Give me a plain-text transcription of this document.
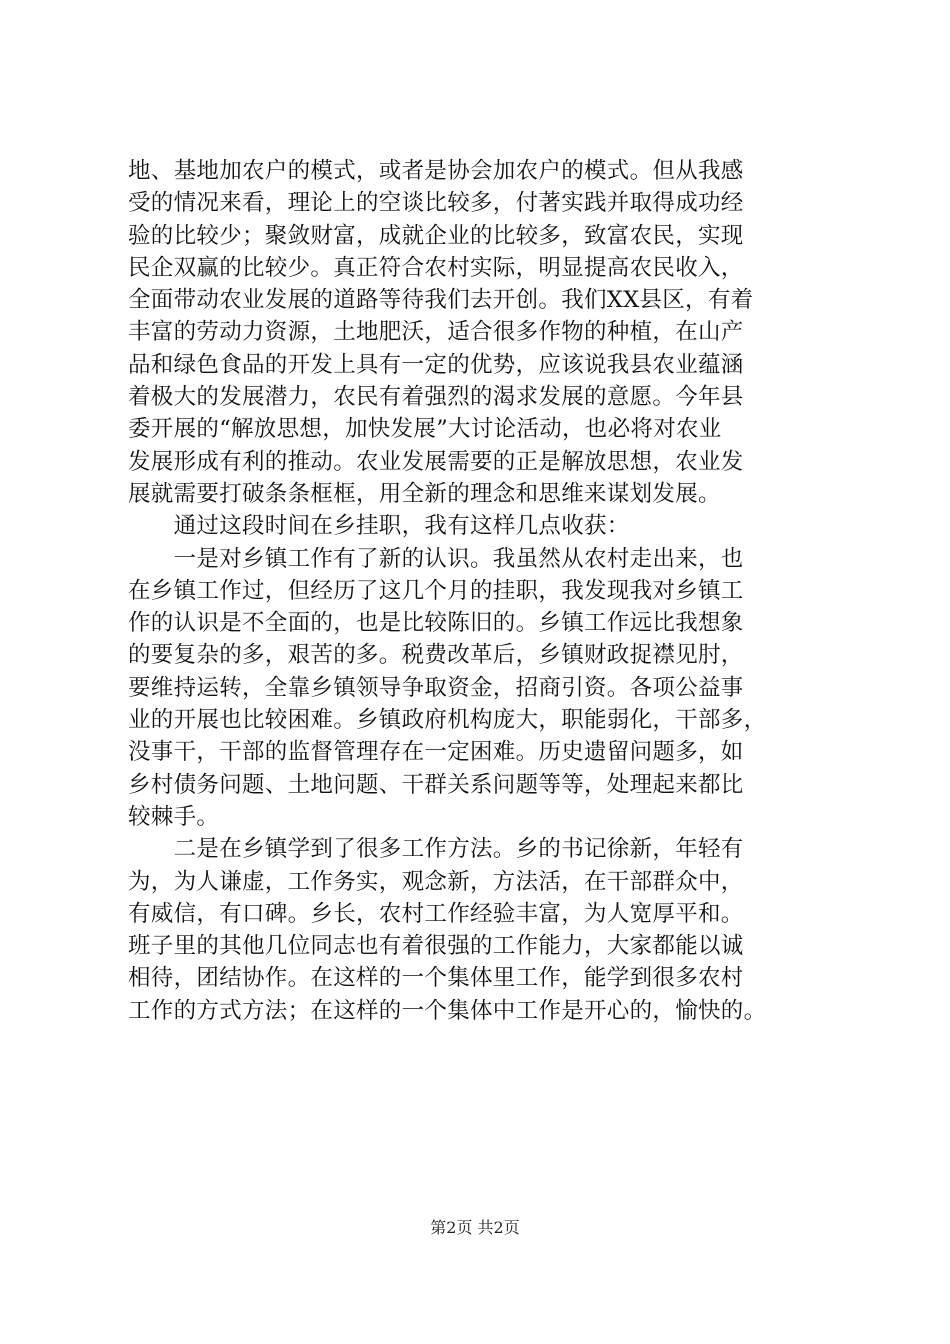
地、基地加农户的模式，或者是协会加农户的模式。但从我感
受的情况来看，理论上的空谈比较多，付著实践并取得成功经
验的比较少；聚敛财富，成就企业的比较多，致富农民，实现
民企双赢的比较少。真正符合农村实际，明显提高农民收入，
全面带动农业发展的道路等待我们去开创。我们XX县区，有着
丰富的劳动力资源，土地肥沃，适合很多作物的种植，在山产
品和绿色食品的开发上具有一定的优势，应该说我县农业蕴涵
着极大的发展潜力，农民有着强烈的渴求发展的意愿。今年县
委开展的“解放思想，加快发展”大讨论活动，也必将对农业
发展形成有利的推动。农业发展需要的正是解放思想，农业发
展就需要打破条条框框，用全新的理念和思维来谋划发展。
　　通过这段时间在乡挂职，我有这样几点收获：
　　一是对乡镇工作有了新的认识。我虽然从农村走出来，也
在乡镇工作过，但经历了这几个月的挂职，我发现我对乡镇工
作的认识是不全面的，也是比较陈旧的。乡镇工作远比我想象
的要复杂的多，艰苦的多。税费改革后，乡镇财政捉襟见肘，
要维持运转，全靠乡镇领导争取资金，招商引资。各项公益事
业的开展也比较困难。乡镇政府机构庞大，职能弱化，干部多，
没事干，干部的监督管理存在一定困难。历史遗留问题多，如
乡村债务问题、土地问题、干群关系问题等等，处理起来都比
较棘手。
　　二是在乡镇学到了很多工作方法。乡的书记徐新，年轻有
为，为人谦虚，工作务实，观念新，方法活，在干部群众中，
有威信，有口碑。乡长，农村工作经验丰富，为人宽厚平和。
班子里的其他几位同志也有着很强的工作能力，大家都能以诚
相待，团结协作。在这样的一个集体里工作，能学到很多农村
工作的方式方法；在这样的一个集体中工作是开心的，愉快的。
第2页 共2页
